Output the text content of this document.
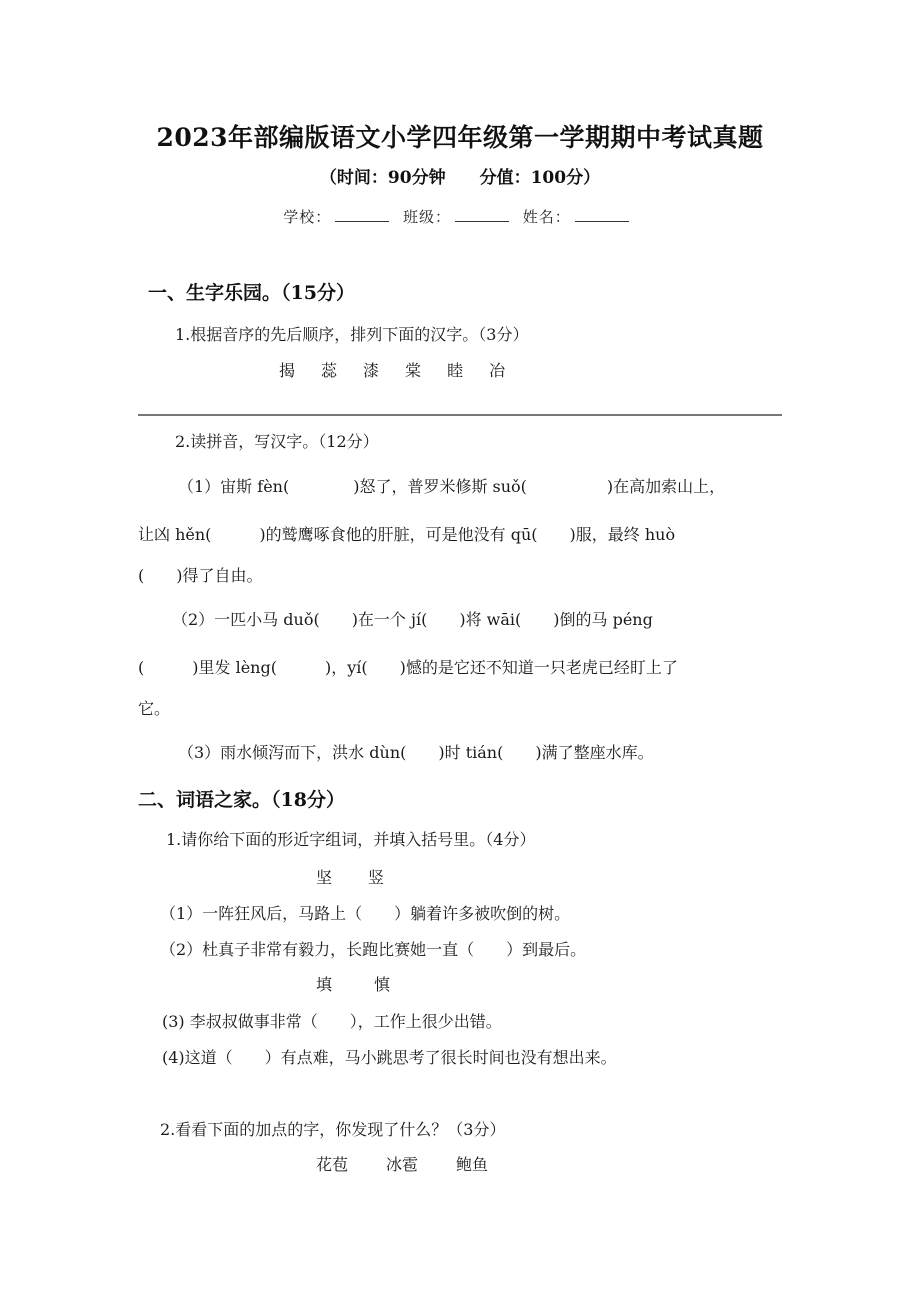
2023年部编版语文小学四年级第一学期期中考试真题
（时间：90分钟　　分值：100分）
学校：	班级：	姓名：
一、生字乐园。（15分）
1.根据音序的先后顺序，排列下面的汉字。（3分）
揭 蕊 漆 棠 睦 冶
2.读拼音，写汉字。（12分）
（1）宙斯 fèn(　　　　)怒了，普罗米修斯 suǒ(　　　　　)在高加索山上，
让凶 hěn(　　　)的鹫鹰啄食他的肝脏，可是他没有 qū(　　)服，最终 huò
(　　)得了自由。
（2）一匹小马 duǒ(　　)在一个 jí(　　)将 wāi(　　)倒的马 péng
(　　　)里发 lèng(　　　)，yí(　　)憾的是它还不知道一只老虎已经盯上了
它。
（3）雨水倾泻而下，洪水 dùn(　　)时 tián(　　)满了整座水库。
二、词语之家。（18分）
1.请你给下面的形近字组词，并填入括号里。（4分）
坚 竖
（1）一阵狂风后，马路上（　　）躺着许多被吹倒的树。
（2）杜真子非常有毅力，长跑比赛她一直（　　）到最后。
填	慎
(3) 李叔叔做事非常（　　），工作上很少出错。
(4)这道（　　）有点难，马小跳思考了很长时间也没有想出来。
2.看看下面的加点的字，你发现了什么？（3分）
花苞 冰雹 鲍鱼
